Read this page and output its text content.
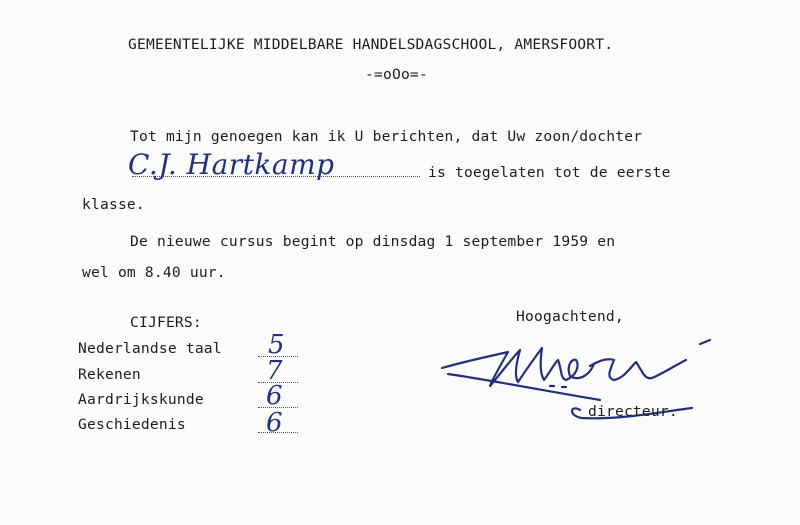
GEMEENTELIJKE MIDDELBARE HANDELSDAGSCHOOL, AMERSFOORT.
-=oOo=-
Tot mijn genoegen kan ik U berichten, dat Uw zoon/dochter
C.J. Hartkamp	is toegelaten tot de eerste
klasse.
De nieuwe cursus begint op dinsdag 1 september 1959 en
wel om 8.40 uur.
CIJFERS:
Nederlandse taal 5
Rekenen	7
Aardrijkskunde 6
Geschiedenis	6
Hoogachtend,
directeur.
